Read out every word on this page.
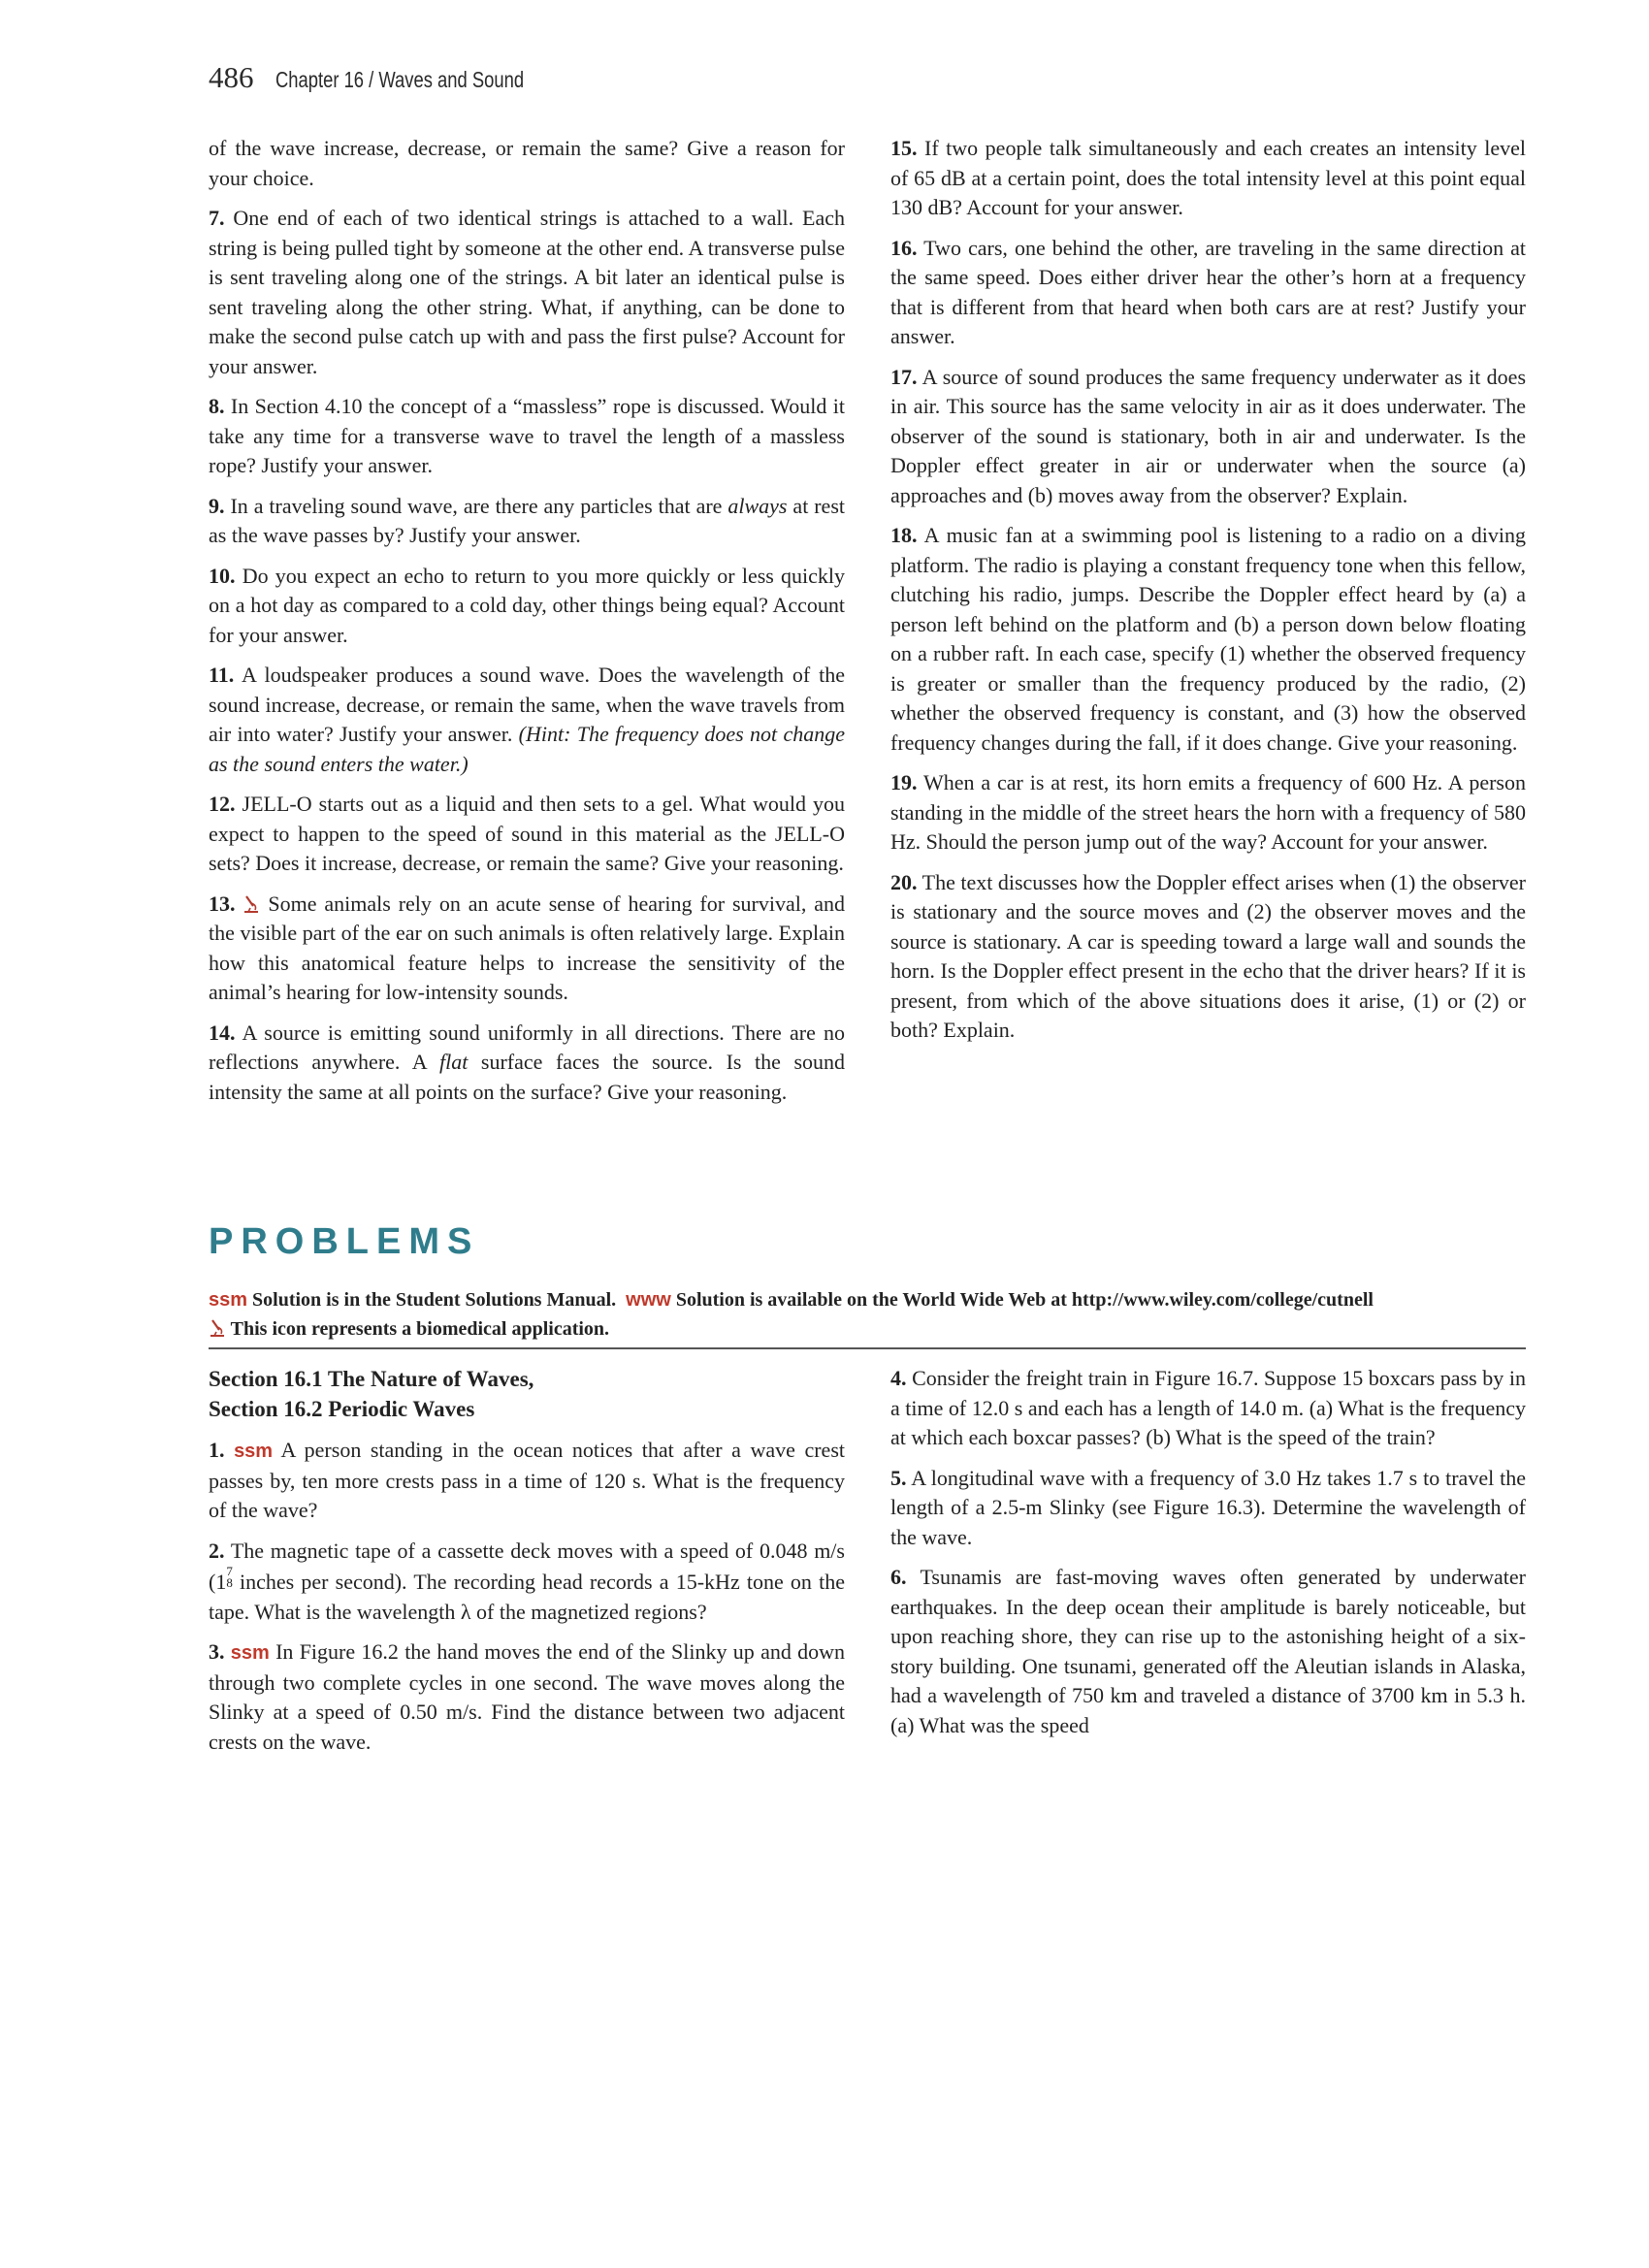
486 Chapter 16 / Waves and Sound

of the wave increase, decrease, or remain the same? Give a reason for your choice.

7. One end of each of two identical strings is attached to a wall. Each string is being pulled tight by someone at the other end. A transverse pulse is sent traveling along one of the strings. A bit later an identical pulse is sent traveling along the other string. What, if anything, can be done to make the second pulse catch up with and pass the first pulse? Account for your answer.

8. In Section 4.10 the concept of a “massless” rope is discussed. Would it take any time for a transverse wave to travel the length of a massless rope? Justify your answer.

9. In a traveling sound wave, are there any particles that are always at rest as the wave passes by? Justify your answer.

10. Do you expect an echo to return to you more quickly or less quickly on a hot day as compared to a cold day, other things being equal? Account for your answer.

11. A loudspeaker produces a sound wave. Does the wavelength of the sound increase, decrease, or remain the same, when the wave travels from air into water? Justify your answer. (Hint: The frequency does not change as the sound enters the water.)

12. JELL-O starts out as a liquid and then sets to a gel. What would you expect to happen to the speed of sound in this material as the JELL-O sets? Does it increase, decrease, or remain the same? Give your reasoning.

13. Some animals rely on an acute sense of hearing for survival, and the visible part of the ear on such animals is often relatively large. Explain how this anatomical feature helps to increase the sensitivity of the animal’s hearing for low-intensity sounds.

14. A source is emitting sound uniformly in all directions. There are no reflections anywhere. A flat surface faces the source. Is the sound intensity the same at all points on the surface? Give your reasoning.

15. If two people talk simultaneously and each creates an intensity level of 65 dB at a certain point, does the total intensity level at this point equal 130 dB? Account for your answer.

16. Two cars, one behind the other, are traveling in the same direction at the same speed. Does either driver hear the other’s horn at a frequency that is different from that heard when both cars are at rest? Justify your answer.

17. A source of sound produces the same frequency underwater as it does in air. This source has the same velocity in air as it does underwater. The observer of the sound is stationary, both in air and underwater. Is the Doppler effect greater in air or underwater when the source (a) approaches and (b) moves away from the observer? Explain.

18. A music fan at a swimming pool is listening to a radio on a diving platform. The radio is playing a constant frequency tone when this fellow, clutching his radio, jumps. Describe the Doppler effect heard by (a) a person left behind on the platform and (b) a person down below floating on a rubber raft. In each case, specify (1) whether the observed frequency is greater or smaller than the frequency produced by the radio, (2) whether the observed frequency is constant, and (3) how the observed frequency changes during the fall, if it does change. Give your reasoning.

19. When a car is at rest, its horn emits a frequency of 600 Hz. A person standing in the middle of the street hears the horn with a frequency of 580 Hz. Should the person jump out of the way? Account for your answer.

20. The text discusses how the Doppler effect arises when (1) the observer is stationary and the source moves and (2) the observer moves and the source is stationary. A car is speeding toward a large wall and sounds the horn. Is the Doppler effect present in the echo that the driver hears? If it is present, from which of the above situations does it arise, (1) or (2) or both? Explain.

PROBLEMS
ssm Solution is in the Student Solutions Manual. www Solution is available on the World Wide Web at http://www.wiley.com/college/cutnell
This icon represents a biomedical application.
Section 16.1 The Nature of Waves,
Section 16.2 Periodic Waves

1. ssm A person standing in the ocean notices that after a wave crest passes by, ten more crests pass in a time of 120 s. What is the frequency of the wave?

2. The magnetic tape of a cassette deck moves with a speed of 0.048 m/s (1 7
8 inches per second). The recording head records a 15-kHz tone on the tape. What is the wavelength λ of the magnetized regions?

3. ssm In Figure 16.2 the hand moves the end of the Slinky up and down through two complete cycles in one second. The wave moves along the Slinky at a speed of 0.50 m/s. Find the distance between two adjacent crests on the wave.

4. Consider the freight train in Figure 16.7. Suppose 15 boxcars pass by in a time of 12.0 s and each has a length of 14.0 m. (a) What is the frequency at which each boxcar passes? (b) What is the speed of the train?

5. A longitudinal wave with a frequency of 3.0 Hz takes 1.7 s to travel the length of a 2.5-m Slinky (see Figure 16.3). Determine the wavelength of the wave.

6. Tsunamis are fast-moving waves often generated by underwater earthquakes. In the deep ocean their amplitude is barely noticeable, but upon reaching shore, they can rise up to the astonishing height of a six-story building. One tsunami, generated off the Aleutian islands in Alaska, had a wavelength of 750 km and traveled a distance of 3700 km in 5.3 h. (a) What was the speed
